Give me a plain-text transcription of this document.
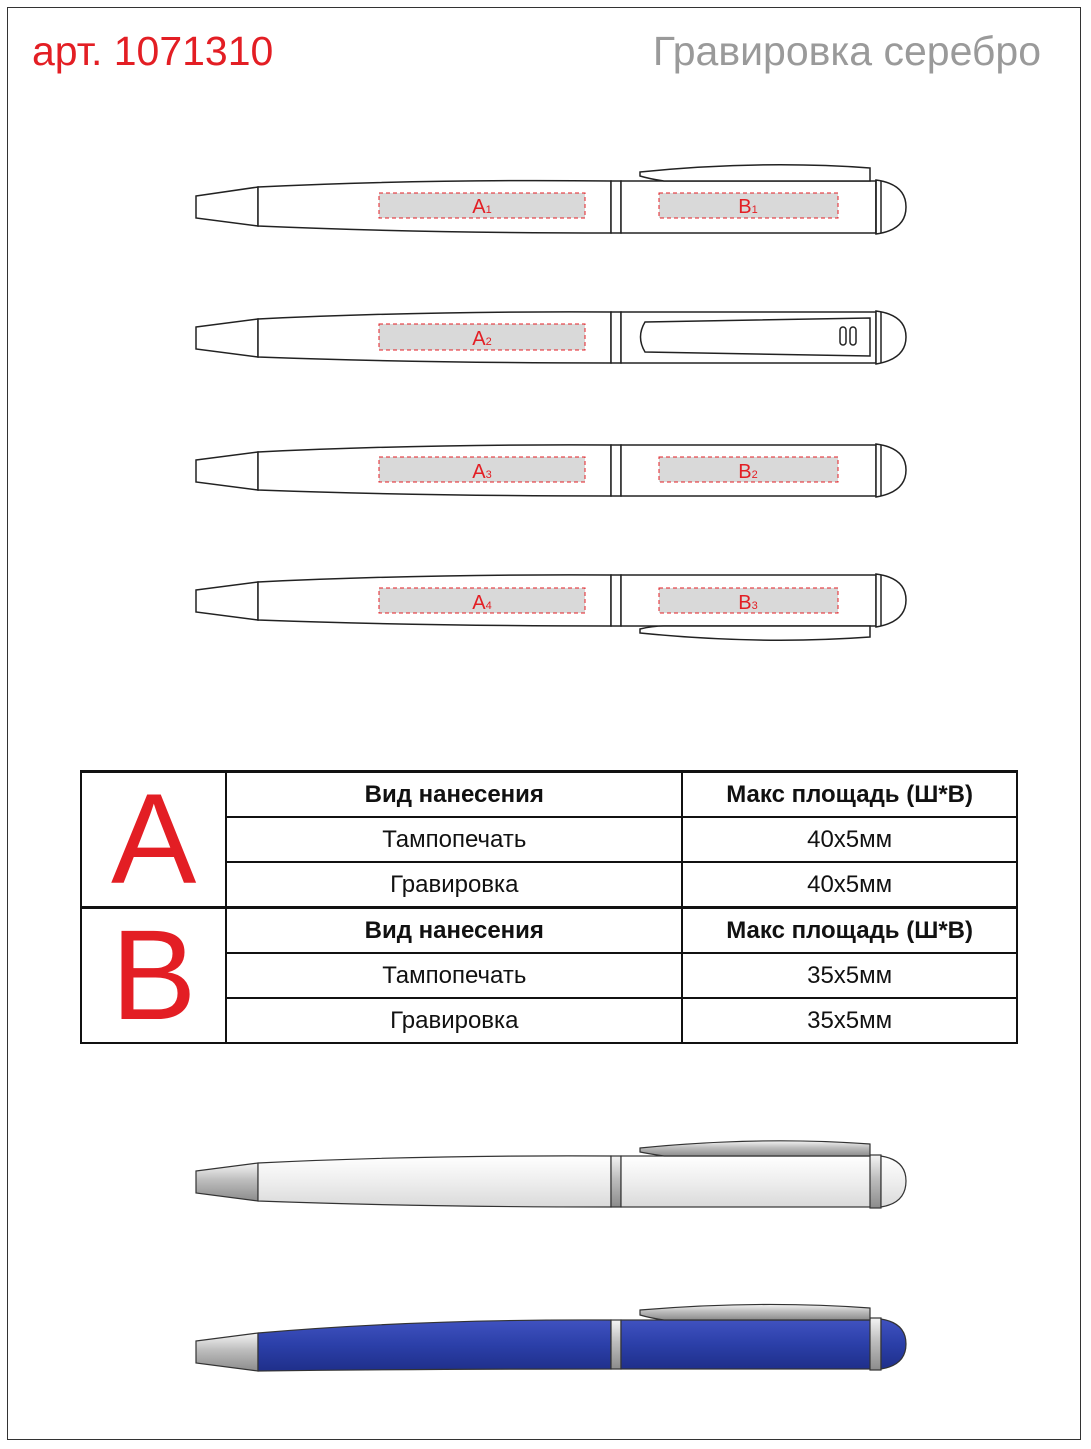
арт. 1071310	Гравировка серебро
A1	B1
A2
A3	B2
A4	B3
A	Вид нанесения	Макс площадь (Ш*В)
	Тампопечать	40x5мм
	Гравировка	40x5мм
B	Вид нанесения	Макс площадь (Ш*В)
	Тампопечать	35x5мм
	Гравировка	35x5мм
